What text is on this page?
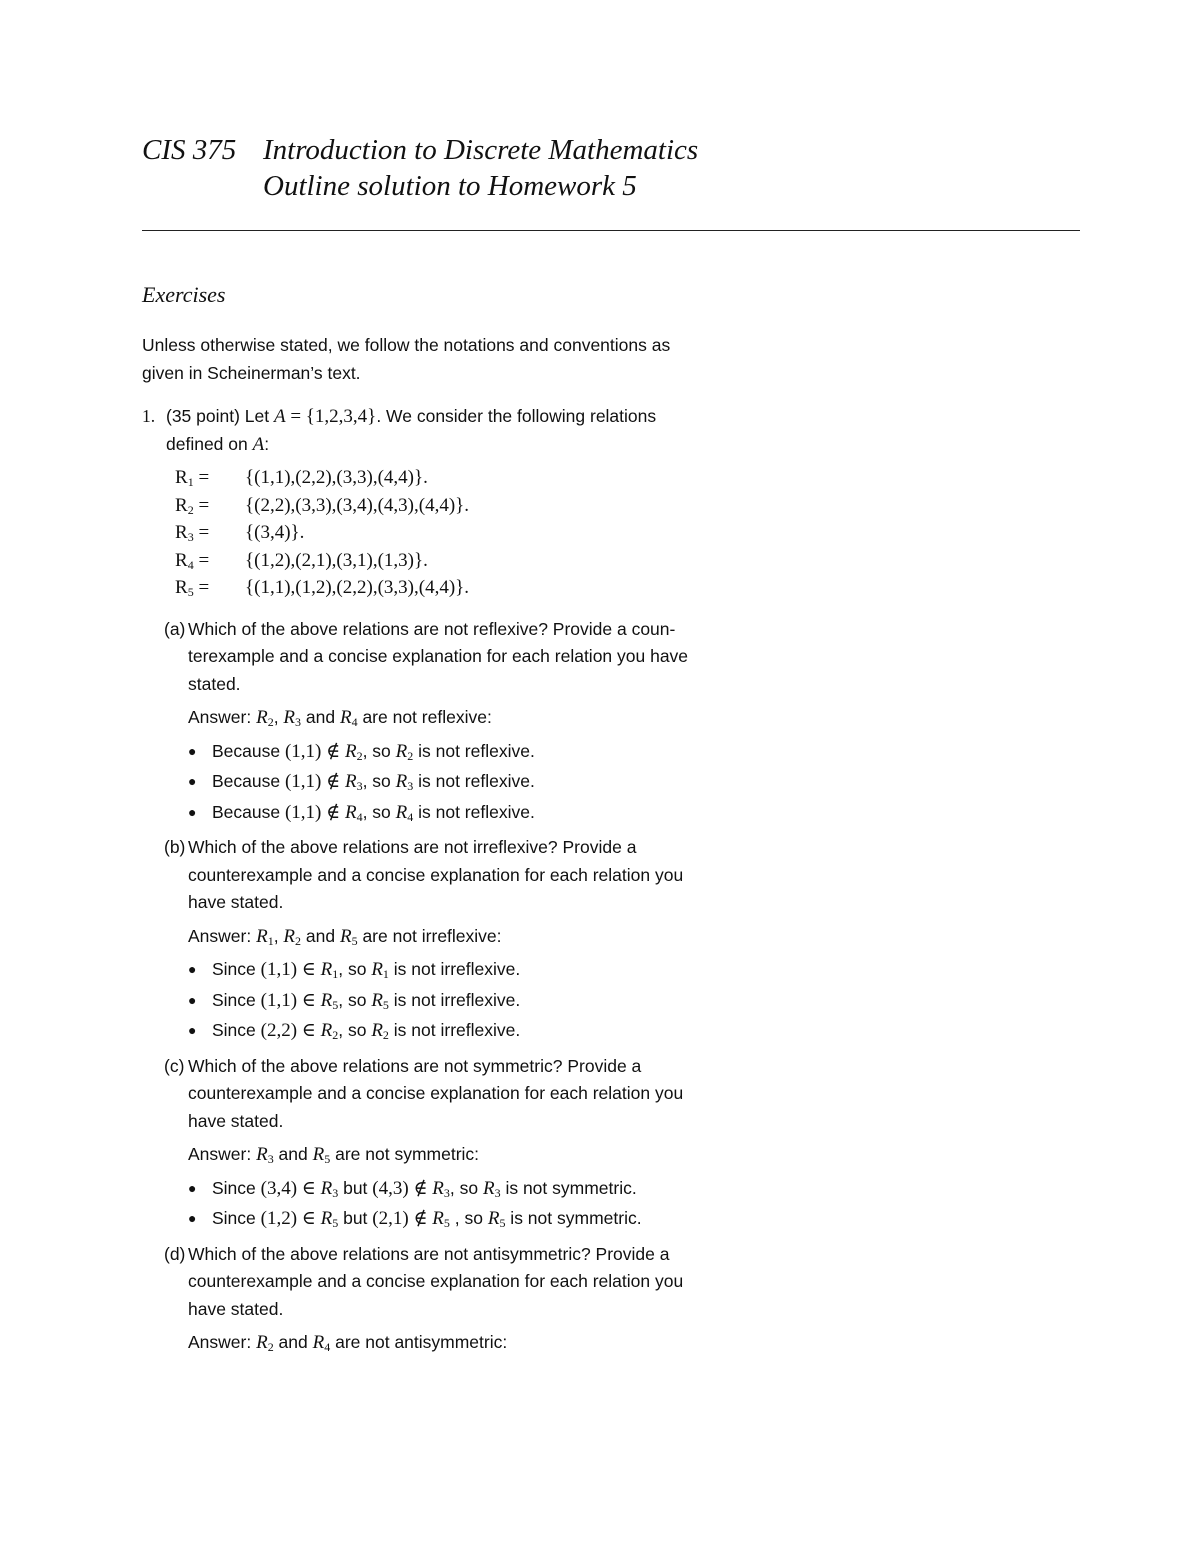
CIS 375 Introduction to Discrete Mathematics
Outline solution to Homework 5
Exercises

Unless otherwise stated, we follow the notations and conventions as
given in Scheinerman’s text.

1. (35 point) Let A = {1,2,3,4}. We consider the following relations
defined on A:
$R_1$ =	{(1,1),(2,2),(3,3),(4,4)}.
$R_2$ =	{(2,2),(3,3),(3,4),(4,3),(4,4)}.
$R_3$ =	{(3,4)}.
$R_4$ =	{(1,2),(2,1),(3,1),(1,3)}.
$R_5$ =	{(1,1),(1,2),(2,2),(3,3),(4,4)}.
(a) Which of the above relations are not reflexive? Provide a coun-
terexample and a concise explanation for each relation you have
stated.
Answer: $R_2$, $R_3$ and $R_4$ are not reflexive:
● Because (1,1) ∉ $R_2$, so $R_2$ is not reflexive.
● Because (1,1) ∉ $R_3$, so $R_3$ is not reflexive.
● Because (1,1) ∉ $R_4$, so $R_4$ is not reflexive.
(b) Which of the above relations are not irreflexive? Provide a
counterexample and a concise explanation for each relation you
have stated.
Answer: $R_1$, $R_2$ and $R_5$ are not irreflexive:
● Since (1,1) ∈ $R_1$, so $R_1$ is not irreflexive.
● Since (1,1) ∈ $R_5$, so $R_5$ is not irreflexive.
● Since (2,2) ∈ $R_2$, so $R_2$ is not irreflexive.
(c) Which of the above relations are not symmetric? Provide a
counterexample and a concise explanation for each relation you
have stated.
Answer: $R_3$ and $R_5$ are not symmetric:
● Since (3,4) ∈ $R_3$ but (4,3) ∉ $R_3$, so $R_3$ is not symmetric.
● Since (1,2) ∈ $R_5$ but (2,1) ∉ $R_5$ , so $R_5$ is not symmetric.
(d) Which of the above relations are not antisymmetric? Provide a
counterexample and a concise explanation for each relation you
have stated.
Answer: $R_2$ and $R_4$ are not antisymmetric:
